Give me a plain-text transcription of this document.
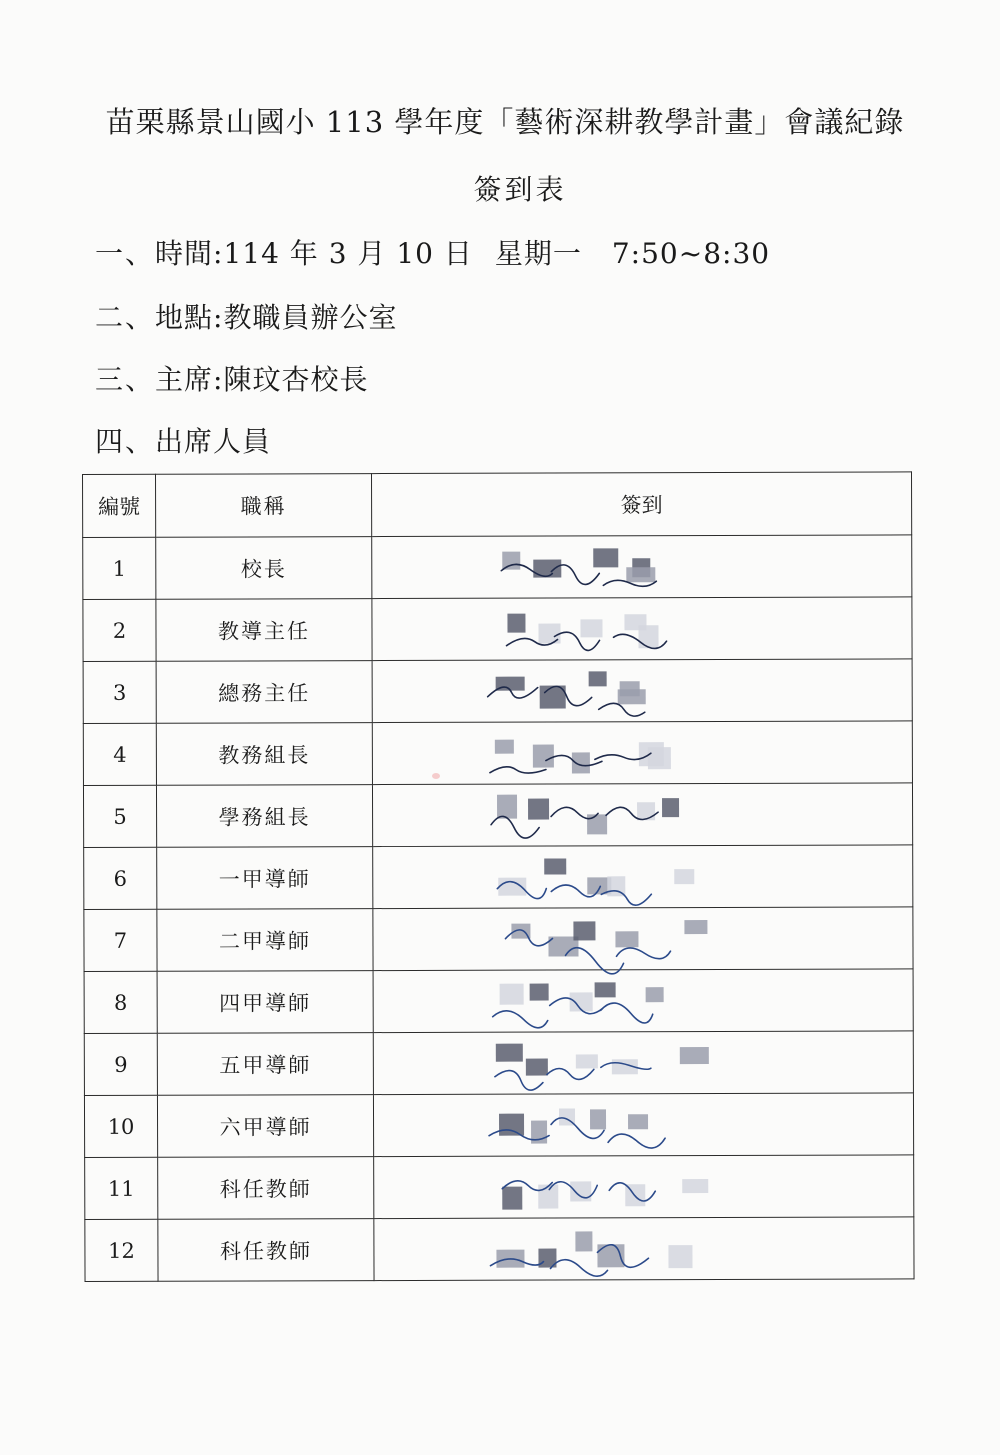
苗栗縣景山國小 113 學年度「藝術深耕教學計畫」會議紀錄
簽到表
一、時間:114 年 3 月 10 日 星期一 7:50~8:30
二、地點:教職員辦公室
三、主席:陳玟杏校長
四、出席人員
編號	職稱	簽到
1	校長	

2	教導主任	

3	總務主任	

4	教務組長	

5	學務組長	

6	一甲導師	

7	二甲導師	

8	四甲導師	

9	五甲導師	

10	六甲導師	

11	科任教師	

12	科任教師	
